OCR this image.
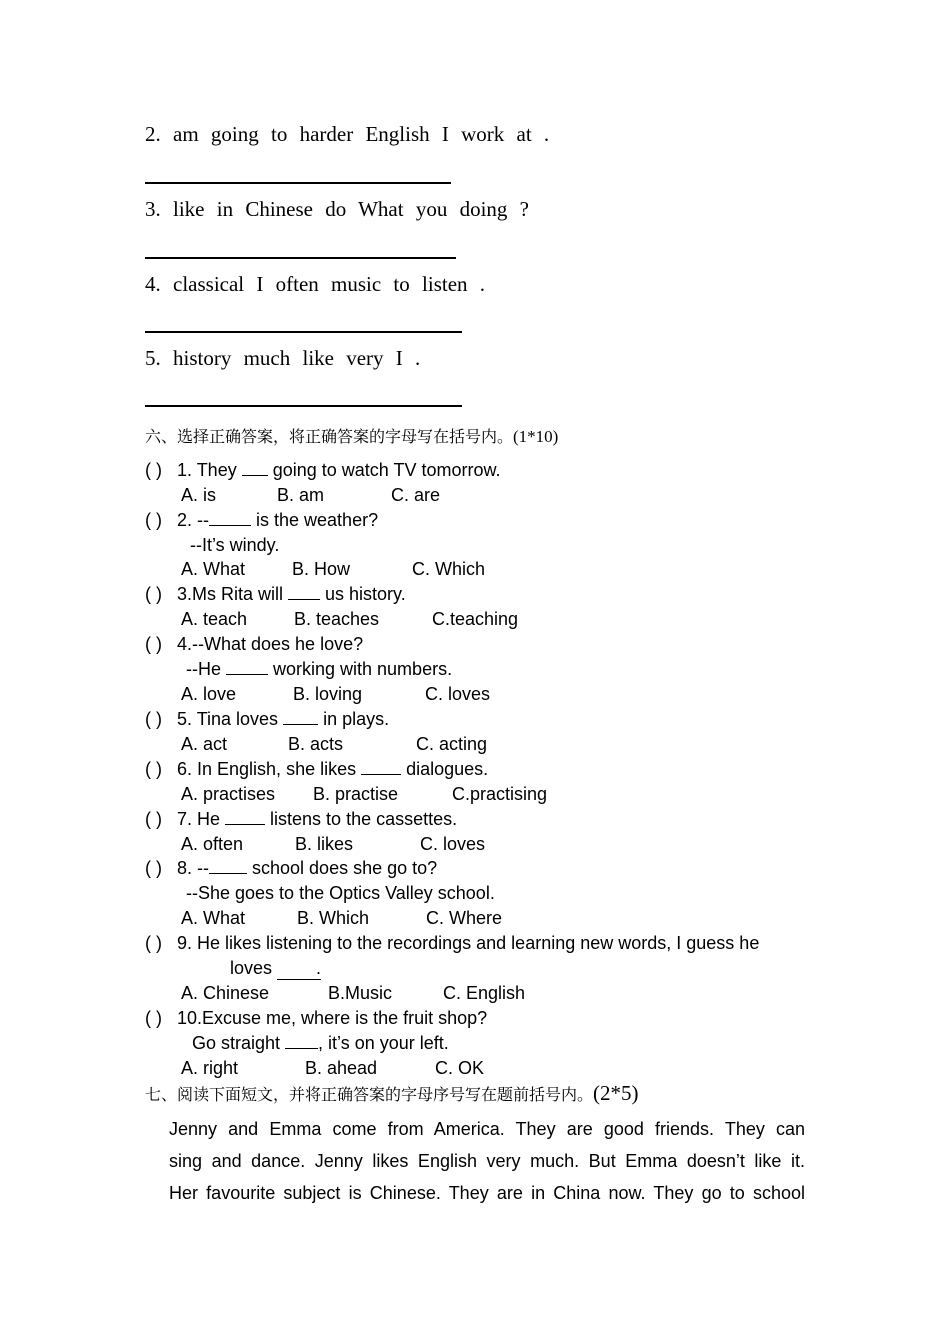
2. am going to harder English I work at .
3. like in Chinese do What you doing ?
4. classical I often music to listen .
5. history much like very I .
六、选择正确答案，将正确答案的字母写在括号内。(1*10)
( ) 1. They  going to watch TV tomorrow.
A. is	B. am	C. are
( ) 2. -- is the weather?
--It’s windy.
A. What	B. How	C. Which
( ) 3.Ms Rita will  us history.
A. teach	B. teaches	C.teaching
( ) 4.--What does he love?
--He  working with numbers.
A. love	B. loving	C. loves
( ) 5. Tina loves  in plays.
A. act	B. acts	C. acting
( ) 6. In English, she likes  dialogues.
A. practises B. practise	C.practising
( ) 7. He  listens to the cassettes.
A. often	B. likes	C. loves
( ) 8. -- school does she go to?
--She goes to the Optics Valley school.
A. What	B. Which	C. Where
( ) 9. He likes listening to the recordings and learning new words, I guess he
loves .
A. Chinese	B.Music	C. English
( ) 10.Excuse me, where is the fruit shop?
Go straight , it’s on your left.
A. right	B. ahead	C. OK
七、阅读下面短文，并将正确答案的字母序号写在题前括号内。(2*5)
Jenny and Emma come from America. They are good friends. They can
sing and dance. Jenny likes English very much. But Emma doesn’t like it.
Her favourite subject is Chinese. They are in China now. They go to school
